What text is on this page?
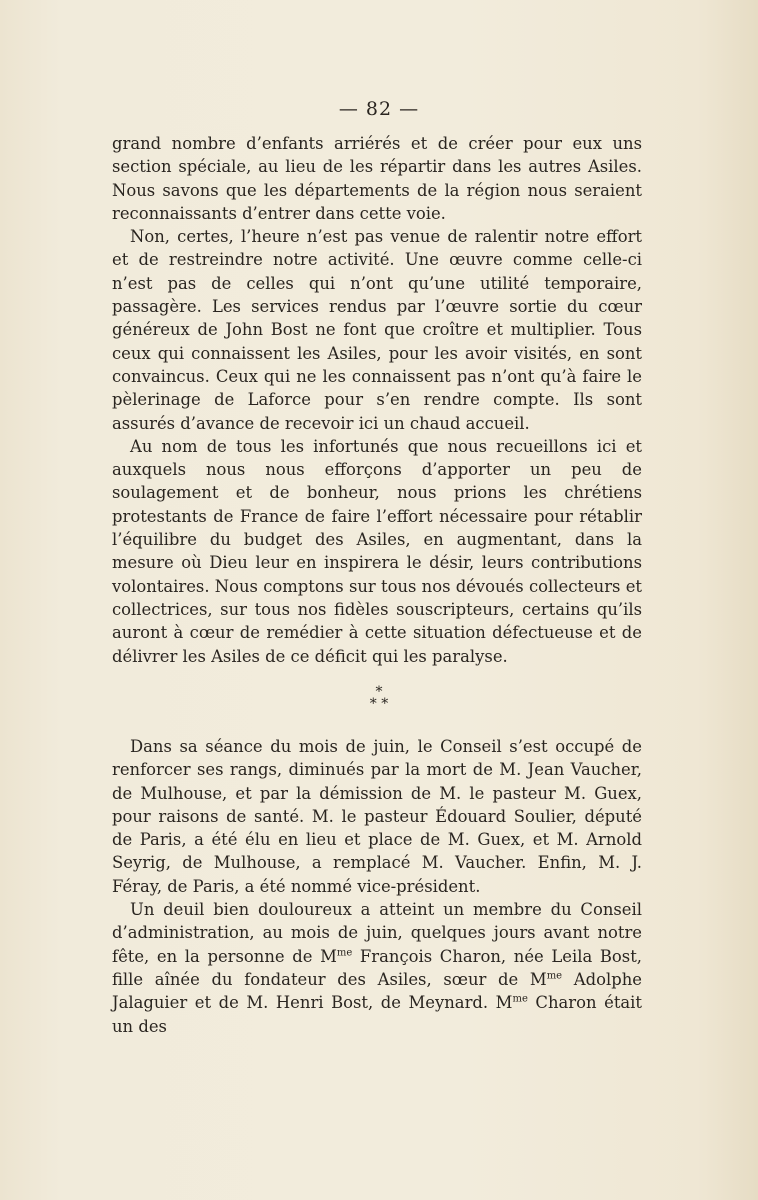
— 82 —

grand nombre d’enfants arriérés et de créer pour eux uns section spéciale, au lieu de les répartir dans les autres Asiles. Nous savons que les départements de la région nous seraient reconnaissants d’entrer dans cette voie.

Non, certes, l’heure n’est pas venue de ralentir notre effort et de restreindre notre activité. Une œuvre comme celle-ci n’est pas de celles qui n’ont qu’une utilité temporaire, passagère. Les services rendus par l’œuvre sortie du cœur généreux de John Bost ne font que croître et multiplier. Tous ceux qui connaissent les Asiles, pour les avoir visités, en sont convaincus. Ceux qui ne les connaissent pas n’ont qu’à faire le pèlerinage de Laforce pour s’en rendre compte. Ils sont assurés d’avance de recevoir ici un chaud accueil.

Au nom de tous les infortunés que nous recueillons ici et auxquels nous nous efforçons d’apporter un peu de soulagement et de bonheur, nous prions les chrétiens protestants de France de faire l’effort nécessaire pour rétablir l’équilibre du budget des Asiles, en augmentant, dans la mesure où Dieu leur en inspirera le désir, leurs contributions volontaires. Nous comptons sur tous nos dévoués collecteurs et collectrices, sur tous nos fidèles souscripteurs, certains qu’ils auront à cœur de remédier à cette situation défectueuse et de délivrer les Asiles de ce déficit qui les paralyse.

*
* *

Dans sa séance du mois de juin, le Conseil s’est occupé de renforcer ses rangs, diminués par la mort de M. Jean Vaucher, de Mulhouse, et par la démission de M. le pasteur M. Guex, pour raisons de santé. M. le pasteur Édouard Soulier, député de Paris, a été élu en lieu et place de M. Guex, et M. Arnold Seyrig, de Mulhouse, a remplacé M. Vaucher. Enfin, M. J. Féray, de Paris, a été nommé vice-président.

Un deuil bien douloureux a atteint un membre du Conseil d’administration, au mois de juin, quelques jours avant notre fête, en la personne de $M^{me}$ François Charon, née Leila Bost, fille aînée du fondateur des Asiles, sœur de $M^{me}$ Adolphe Jalaguier et de M. Henri Bost, de Meynard. $M^{me}$ Charon était un des
